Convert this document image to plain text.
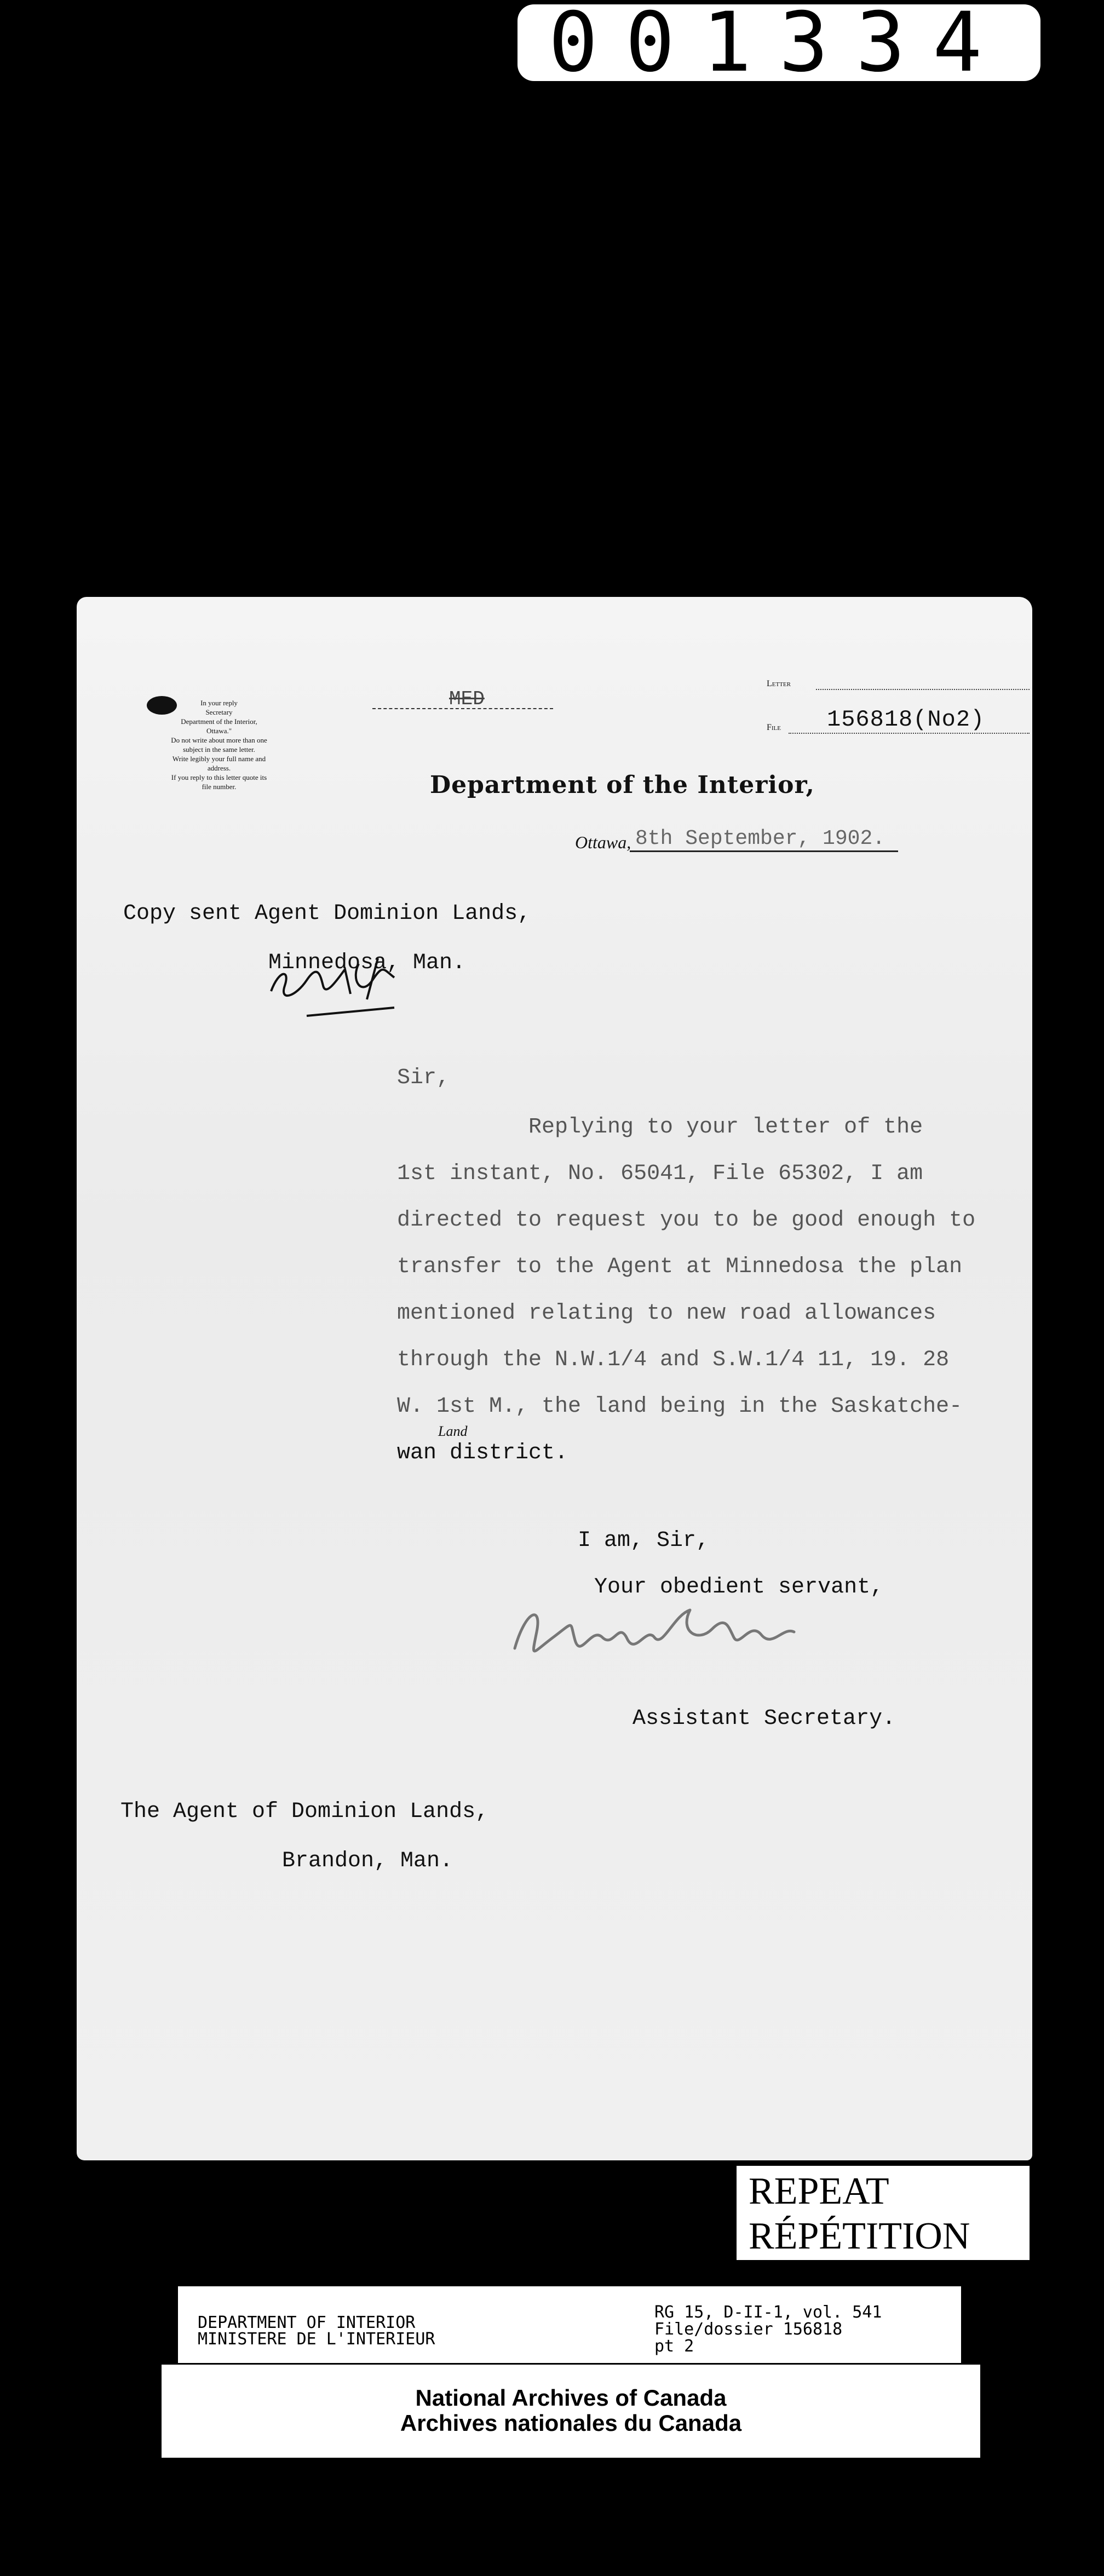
001334
In your reply
Secretary
Department of the Interior,
Ottawa."
Do not write about more than one
subject in the same letter.
Write legibly your full name and
address.
If you reply to this letter quote its
file number.
MED
Letter
File 156818(No2)
Department of the Interior,
Ottawa, 8th September, 1902.
Copy sent Agent Dominion Lands,
Minnedosa, Man.
Sir,
Replying to your letter of the
1st instant, No. 65041, File 65302, I am
directed to request you to be good enough to
transfer to the Agent at Minnedosa the plan
mentioned relating to new road allowances
through the N.W.1/4 and S.W.1/4 11, 19. 28
W. 1st M., the land being in the Saskatche-
Land
wan district.
I am, Sir,
Your obedient servant,
Assistant Secretary.
The Agent of Dominion Lands,
Brandon, Man.
REPEAT
RÉPÉTITION
DEPARTMENT OF INTERIOR
MINISTERE DE L'INTERIEUR
RG 15, D-II-1, vol. 541
File/dossier 156818
pt 2
National Archives of Canada
Archives nationales du Canada
